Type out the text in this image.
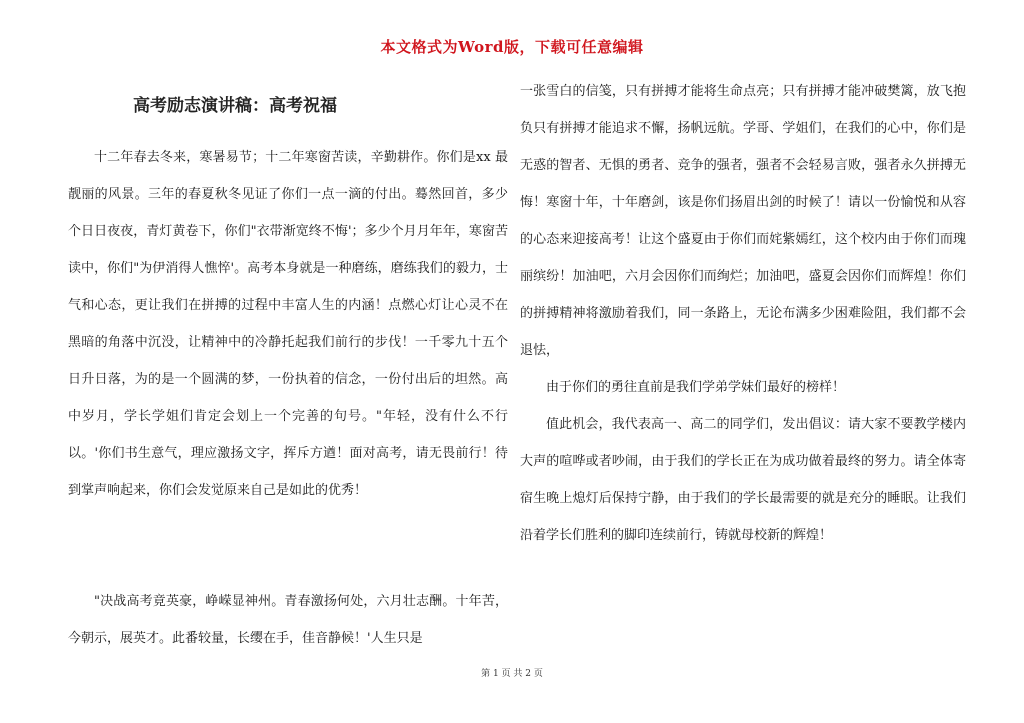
本文格式为Word版，下载可任意编辑
高考励志演讲稿：高考祝福

十二年春去冬来，寒暑易节；十二年寒窗苦读，辛勤耕作。你们是xx 最靓丽的风景。三年的春夏秋冬见证了你们一点一滴的付出。蓦然回首，多少个日日夜夜，青灯黄卷下，你们"衣带渐宽终不悔'；多少个月月年年，寒窗苦读中，你们"为伊消得人憔悴'。高考本身就是一种磨练，磨练我们的毅力，士气和心态，更让我们在拼搏的过程中丰富人生的内涵！点燃心灯让心灵不在黑暗的角落中沉没，让精神中的冷静托起我们前行的步伐！一千零九十五个日升日落，为的是一个圆满的梦，一份执着的信念，一份付出后的坦然。高中岁月，学长学姐们肯定会划上一个完善的句号。"年轻，没有什么不行以。'你们书生意气，理应激扬文字，挥斥方遒！面对高考，请无畏前行！待到掌声响起来，你们会发觉原来自己是如此的优秀！

"决战高考竟英豪，峥嵘显神州。青春激扬何处，六月壮志酬。十年苦，今朝示，展英才。此番较量，长缨在手，佳音静候！'人生只是

一张雪白的信笺，只有拼搏才能将生命点亮；只有拼搏才能冲破樊篱，放飞抱负只有拼搏才能追求不懈，扬帆远航。学哥、学姐们，在我们的心中，你们是无惑的智者、无惧的勇者、竞争的强者，强者不会轻易言败，强者永久拼搏无悔！寒窗十年，十年磨剑，该是你们扬眉出剑的时候了！请以一份愉悦和从容的心态来迎接高考！让这个盛夏由于你们而姹紫嫣红，这个校内由于你们而瑰丽缤纷！加油吧，六月会因你们而绚烂；加油吧，盛夏会因你们而辉煌！你们的拼搏精神将激励着我们，同一条路上，无论布满多少困难险阻，我们都不会退怯，

由于你们的勇往直前是我们学弟学妹们最好的榜样！

值此机会，我代表高一、高二的同学们，发出倡议：请大家不要教学楼内大声的喧哗或者吵闹，由于我们的学长正在为成功做着最终的努力。请全体寄宿生晚上熄灯后保持宁静，由于我们的学长最需要的就是充分的睡眠。让我们沿着学长们胜利的脚印连续前行，铸就母校新的辉煌！

第 1 页 共 2 页
